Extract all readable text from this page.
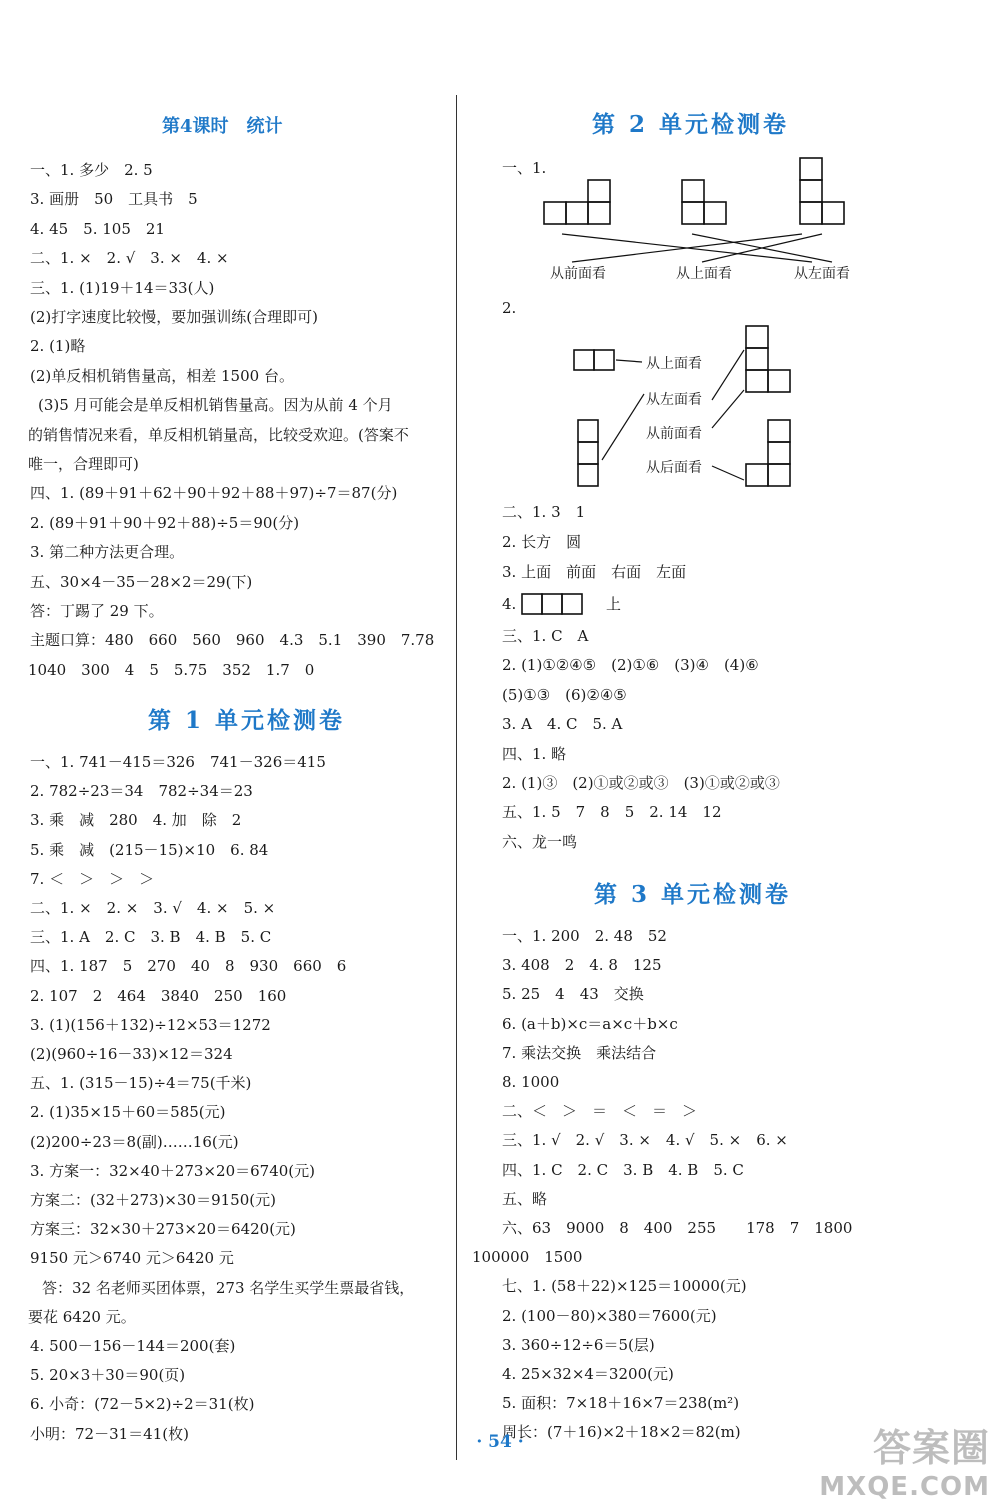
第4课时　统计
一、1. 多少　2. 5
3. 画册　50　工具书　5
4. 45　5. 105　21
二、1. ×　2. √　3. ×　4. ×
三、1. (1)19＋14＝33(人)
(2)打字速度比较慢，要加强训练(合理即可)
2. (1)略
(2)单反相机销售量高，相差 1500 台。
(3)5 月可能会是单反相机销售量高。因为从前 4 个月
的销售情况来看，单反相机销量高，比较受欢迎。(答案不
唯一，合理即可)
四、1. (89＋91＋62＋90＋92＋88＋97)÷7＝87(分)
2. (89＋91＋90＋92＋88)÷5＝90(分)
3. 第二种方法更合理。
五、30×4－35－28×2＝29(下)
答：丁踢了 29 下。
主题口算：480　660　560　960　4.3　5.1　390　7.78
1040　300　4　5　5.75　352　1.7　0
第 1 单元检测卷
一、1. 741－415＝326　741－326＝415
2. 782÷23＝34　782÷34＝23
3. 乘　减　280　4. 加　除　2
5. 乘　减　(215－15)×10　6. 84
7. ＜　＞　＞　＞
二、1. ×　2. ×　3. √　4. ×　5. ×
三、1. A　2. C　3. B　4. B　5. C
四、1. 187　5　270　40　8　930　660　6
2. 107　2　464　3840　250　160
3. (1)(156＋132)÷12×53＝1272
(2)(960÷16－33)×12＝324
五、1. (315－15)÷4＝75(千米)
2. (1)35×15＋60＝585(元)
(2)200÷23＝8(副)……16(元)
3. 方案一：32×40＋273×20＝6740(元)
方案二：(32＋273)×30＝9150(元)
方案三：32×30＋273×20＝6420(元)
9150 元＞6740 元＞6420 元
答：32 名老师买团体票，273 名学生买学生票最省钱，
要花 6420 元。
4. 500－156－144＝200(套)
5. 20×3＋30＝90(页)
6. 小奇：(72－5×2)÷2＝31(枚)
小明：72－31＝41(枚)
第 2 单元检测卷
一、1.
从前面看	从上面看	从左面看
2.
从上面看
从左面看
从前面看
从后面看
二、1. 3　1
2. 长方　圆
3. 上面　前面　右面　左面
4.	上
三、1. C　A
2. (1)①②④⑤　(2)①⑥　(3)④　(4)⑥
(5)①③　(6)②④⑤
3. A　4. C　5. A
四、1. 略
2. (1)③　(2)①或②或③　(3)①或②或③
五、1. 5　7　8　5　2. 14　12
六、龙一鸣
第 3 单元检测卷
一、1. 200　2. 48　52
3. 408　2　4. 8　125
5. 25　4　43　交换
6. (a＋b)×c＝a×c＋b×c
7. 乘法交换　乘法结合
8. 1000
二、＜　＞　＝　＜　＝　＞
三、1. √　2. √　3. ×　4. √　5. ×　6. ×
四、1. C　2. C　3. B　4. B　5. C
五、略
六、63　9000　8　400　255　　178　7　1800
100000　1500
七、1. (58＋22)×125＝10000(元)
2. (100－80)×380＝7600(元)
3. 360÷12÷6＝5(层)
4. 25×32×4＝3200(元)
5. 面积：7×18＋16×7＝238(m²)
周长：(7＋16)×2＋18×2＝82(m)
· 54 ·	答案圈
MXQE.COM
